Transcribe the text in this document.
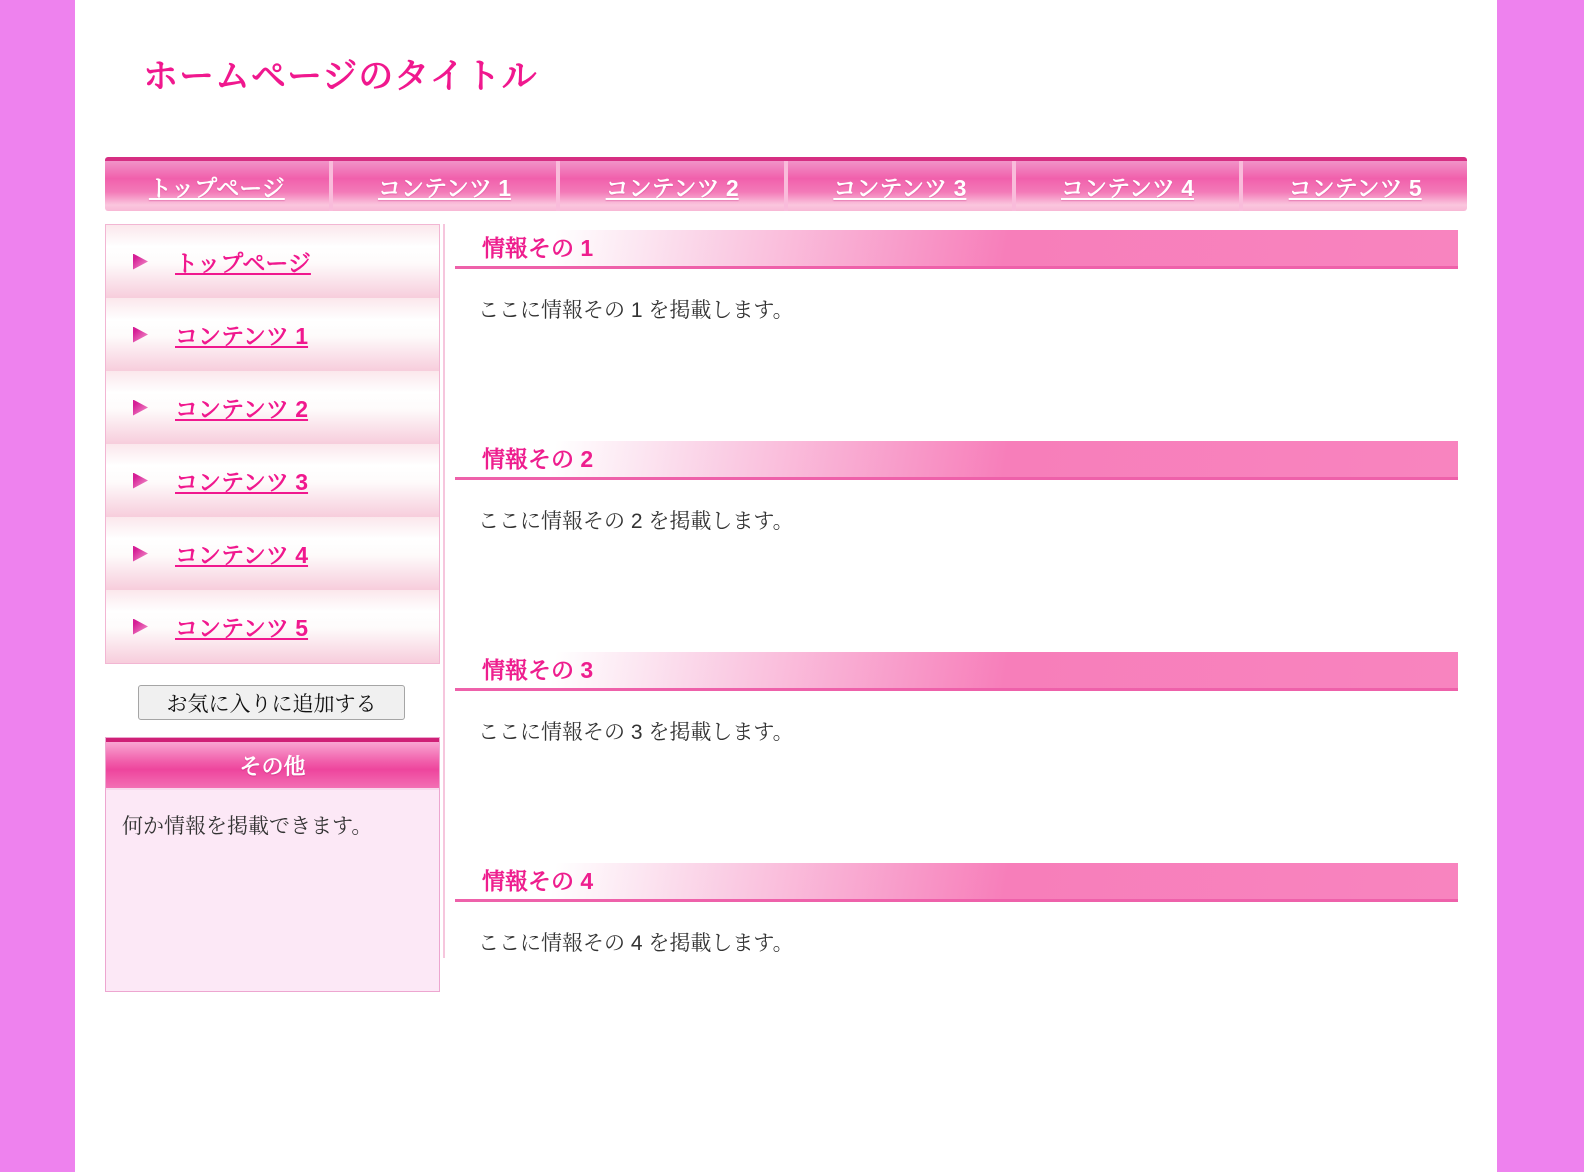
ホームページのタイトル
トップページ	コンテンツ 1	コンテンツ 2	コンテンツ 3	コンテンツ 4	コンテンツ 5
トップページ
コンテンツ 1
コンテンツ 2
コンテンツ 3
コンテンツ 4
コンテンツ 5
お気に入りに追加する
その他
何か情報を掲載できます。
情報その 1

ここに情報その 1 を掲載します。

情報その 2

ここに情報その 2 を掲載します。

情報その 3

ここに情報その 3 を掲載します。

情報その 4

ここに情報その 4 を掲載します。
